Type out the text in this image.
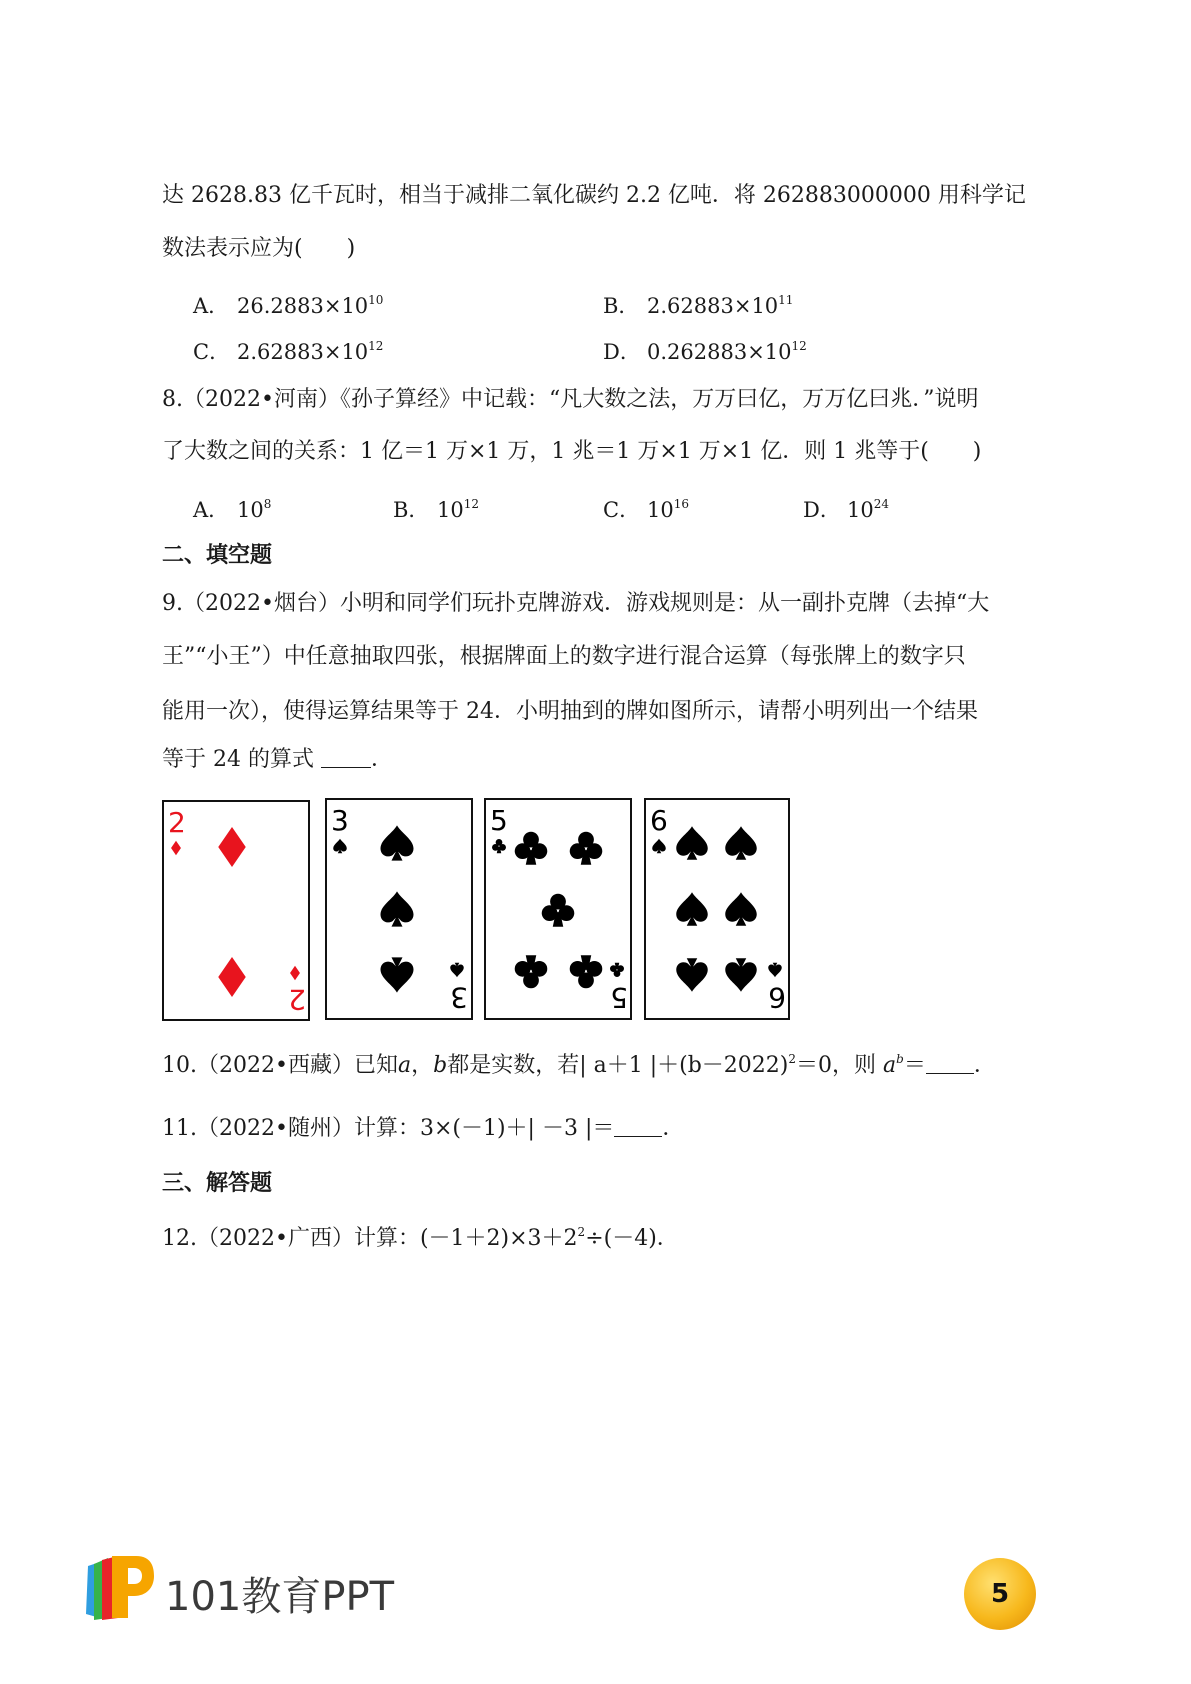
达 2628.83 亿千瓦时，相当于减排二氧化碳约 2.2 亿吨．将 262883000000 用科学记
数法表示应为(　　)
A． $26.2883\times 10^{10}$	B． $2.62883\times 10^{11}$
C． $2.62883\times 10^{12}$	D． $0.262883\times 10^{12}$
8.（2022•河南）《孙子算经》中记载：“凡大数之法，万万曰亿，万万亿曰兆．”说明
了大数之间的关系：1 亿＝1 万×1 万，1 兆＝1 万×1 万×1 亿．则 1 兆等于(　　)
A． $10^8$	B． $10^{12}$	C． $10^{16}$	D． $10^{24}$
二、填空题
9.（2022•烟台）小明和同学们玩扑克牌游戏．游戏规则是：从一副扑克牌（去掉“大
王”“小王”）中任意抽取四张，根据牌面上的数字进行混合运算（每张牌上的数字只
能用一次），使得运算结果等于 24．小明抽到的牌如图所示，请帮小明列出一个结果
等于 24 的算式	．
2
2
3
3
5
5
6
6
10.（2022•西藏）已知a，b都是实数，若| a＋1 $|+(b-2022)^2=0$，则 $a^b=$ ．
11.（2022•随州）计算：3×(－1)＋| －3 |＝ ．
三、解答题
12.（2022•广西）计算：$(-1+2)\times 3+2^2\div(-4)$．
101教育PPT	5
